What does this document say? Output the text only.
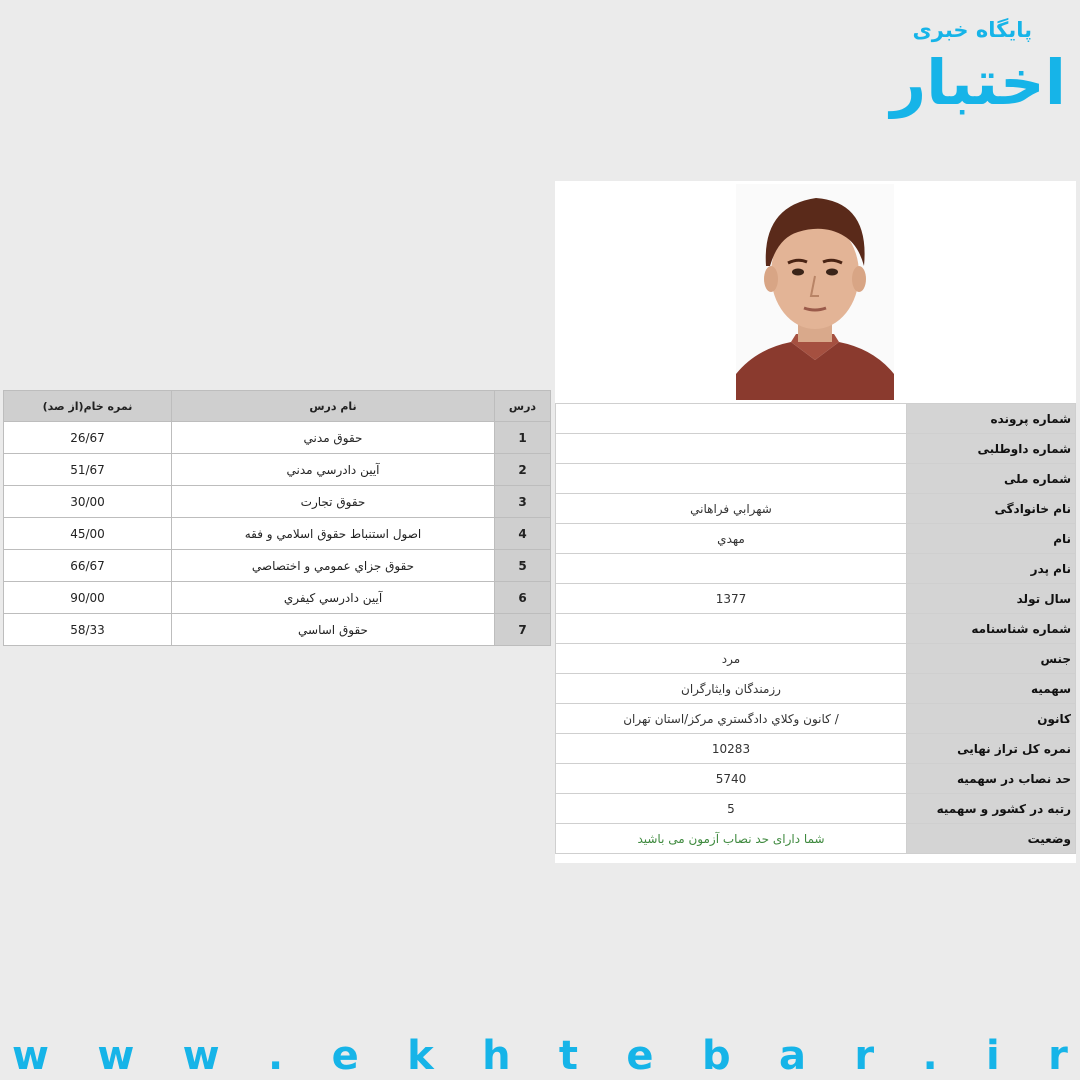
پایگاه خبری
اختبار
درس	نام درس	نمره خام(از صد)
1	حقوق مدني	26/67
2	آيين دادرسي مدني	51/67
3	حقوق تجارت	30/00
4	اصول استنباط حقوق اسلامي و فقه	45/00
5	حقوق جزاي عمومي و اختصاصي	66/67
6	آيين دادرسي كيفري	90/00
7	حقوق اساسي	58/33
شماره پرونده	
شماره داوطلبی	
شماره ملی	
نام خانوادگی	شهرابي فراهاني
نام	مهدي
نام پدر	
سال تولد	1377
شماره شناسنامه	
جنس	مرد
سهمیه	رزمندگان وايثارگران
کانون	/ كانون وكلاي دادگستري مركز/استان تهران
نمره کل تراز نهایی	10283
حد نصاب در سهمیه	5740
رتبه در کشور و سهمیه	5
وضعیت	شما دارای حد نصاب آزمون می باشید
w w w . e k h t e b a r . i r
